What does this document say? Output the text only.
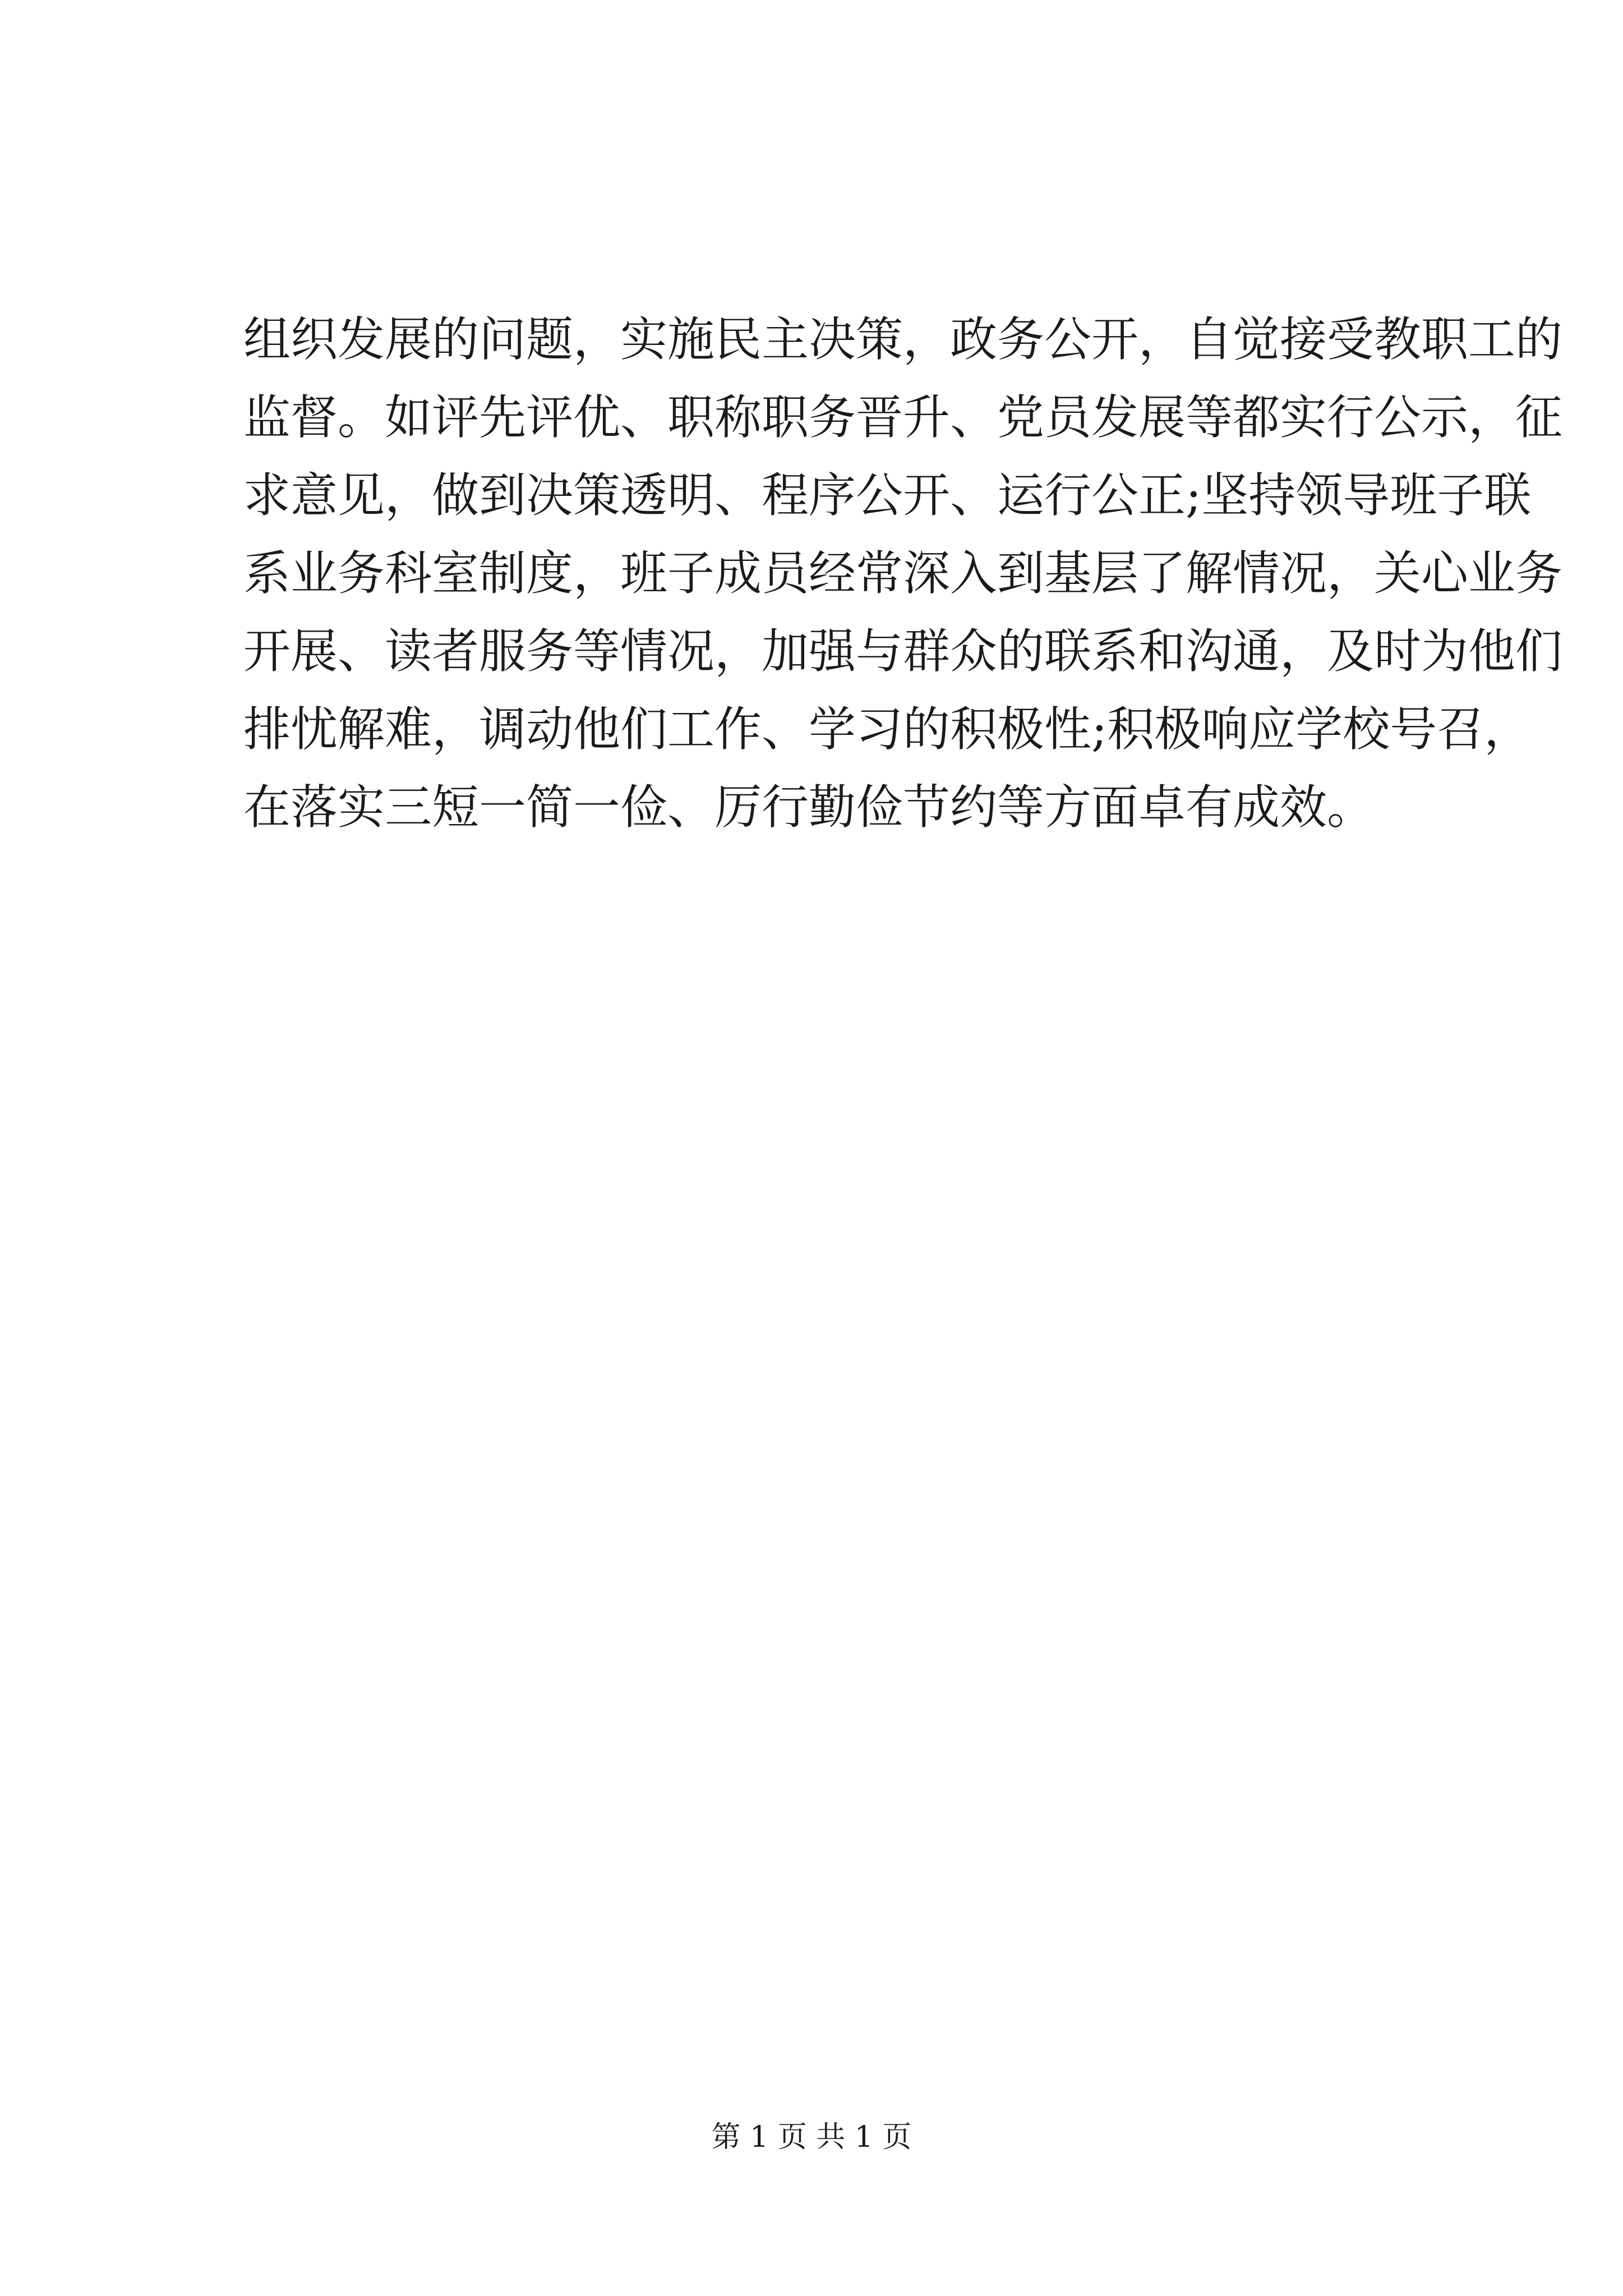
组织发展的问题，实施民主决策，政务公开，自觉接受教职工的
监督。如评先评优、职称职务晋升、党员发展等都实行公示，征
求意见，做到决策透明、程序公开、运行公正;坚持领导班子联
系业务科室制度，班子成员经常深入到基层了解情况，关心业务
开展、读者服务等情况，加强与群众的联系和沟通，及时为他们
排忧解难，调动他们工作、学习的积极性;积极响应学校号召，
在落实三短一简一俭、厉行勤俭节约等方面卓有成效。
第 1 页 共 1 页
